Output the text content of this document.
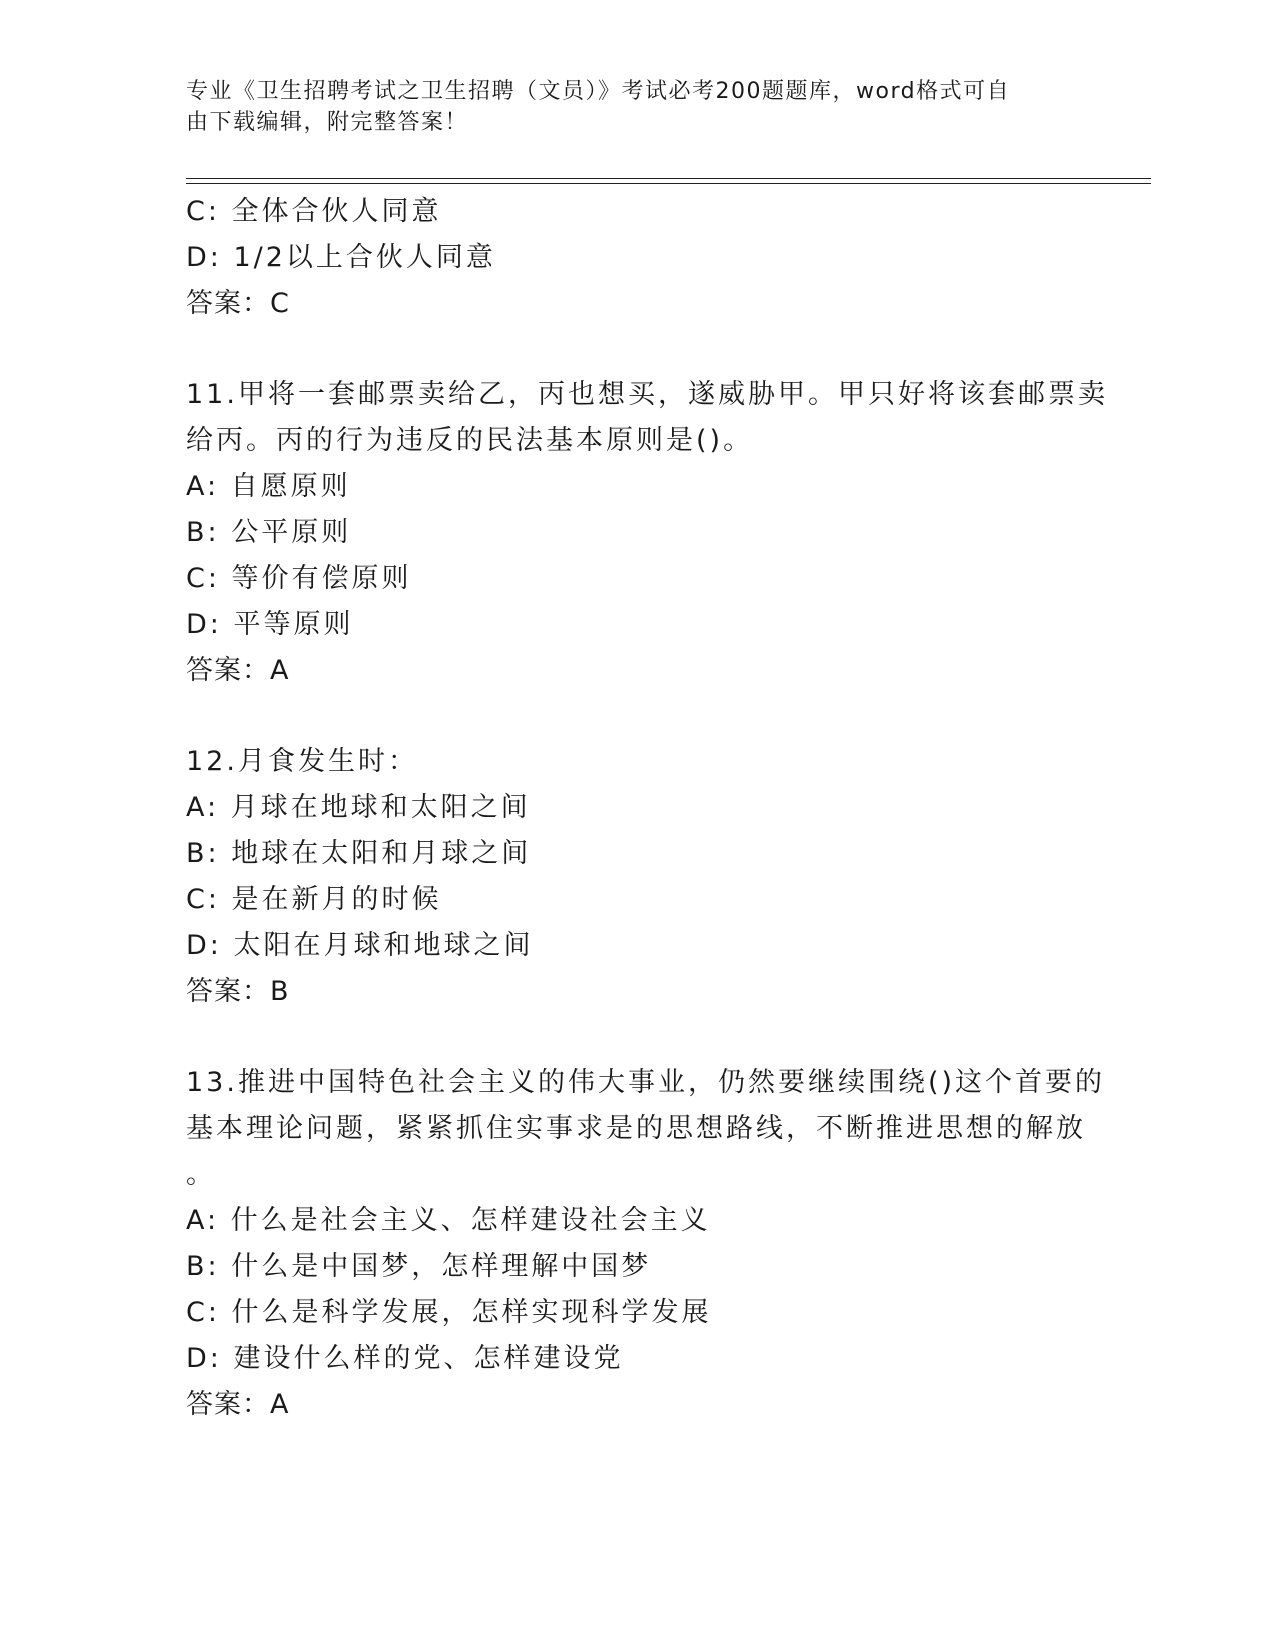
专业《卫生招聘考试之卫生招聘（文员）》考试必考200题题库，word格式可自
由下载编辑，附完整答案！
C: 全体合伙人同意
D: 1/2以上合伙人同意
答案：C
11.甲将一套邮票卖给乙，丙也想买，遂威胁甲。甲只好将该套邮票卖
给丙。丙的行为违反的民法基本原则是()。
A: 自愿原则
B: 公平原则
C: 等价有偿原则
D: 平等原则
答案：A
12.月食发生时：
A: 月球在地球和太阳之间
B: 地球在太阳和月球之间
C: 是在新月的时候
D: 太阳在月球和地球之间
答案：B
13.推进中国特色社会主义的伟大事业，仍然要继续围绕()这个首要的
基本理论问题，紧紧抓住实事求是的思想路线，不断推进思想的解放
。
A: 什么是社会主义、怎样建设社会主义
B: 什么是中国梦，怎样理解中国梦
C: 什么是科学发展，怎样实现科学发展
D: 建设什么样的党、怎样建设党
答案：A
